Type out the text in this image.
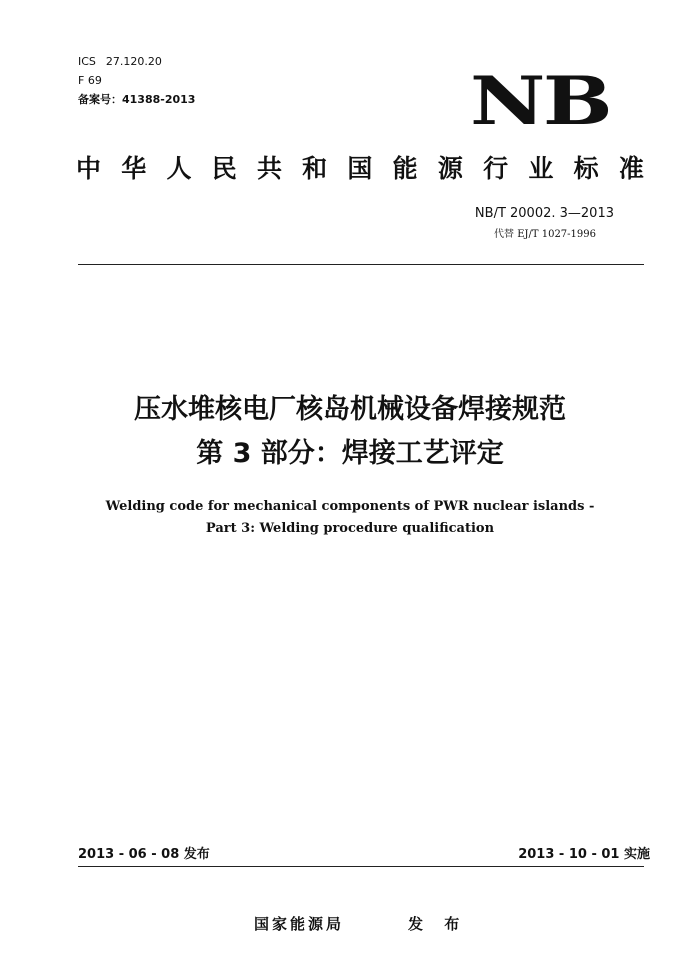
ICS 27.120.20
F 69
备案号：41388-2013	NB
中 华 人 民 共 和 国 能 源 行 业 标 准
NB/T 20002. 3—2013
代替 EJ/T 1027-1996
压水堆核电厂核岛机械设备焊接规范
第 3 部分：焊接工艺评定
Welding code for mechanical components of PWR nuclear islands -
Part 3: Welding procedure qualification
2013 - 06 - 08 发布	2013 - 10 - 01 实施
国家能源局	发 布
